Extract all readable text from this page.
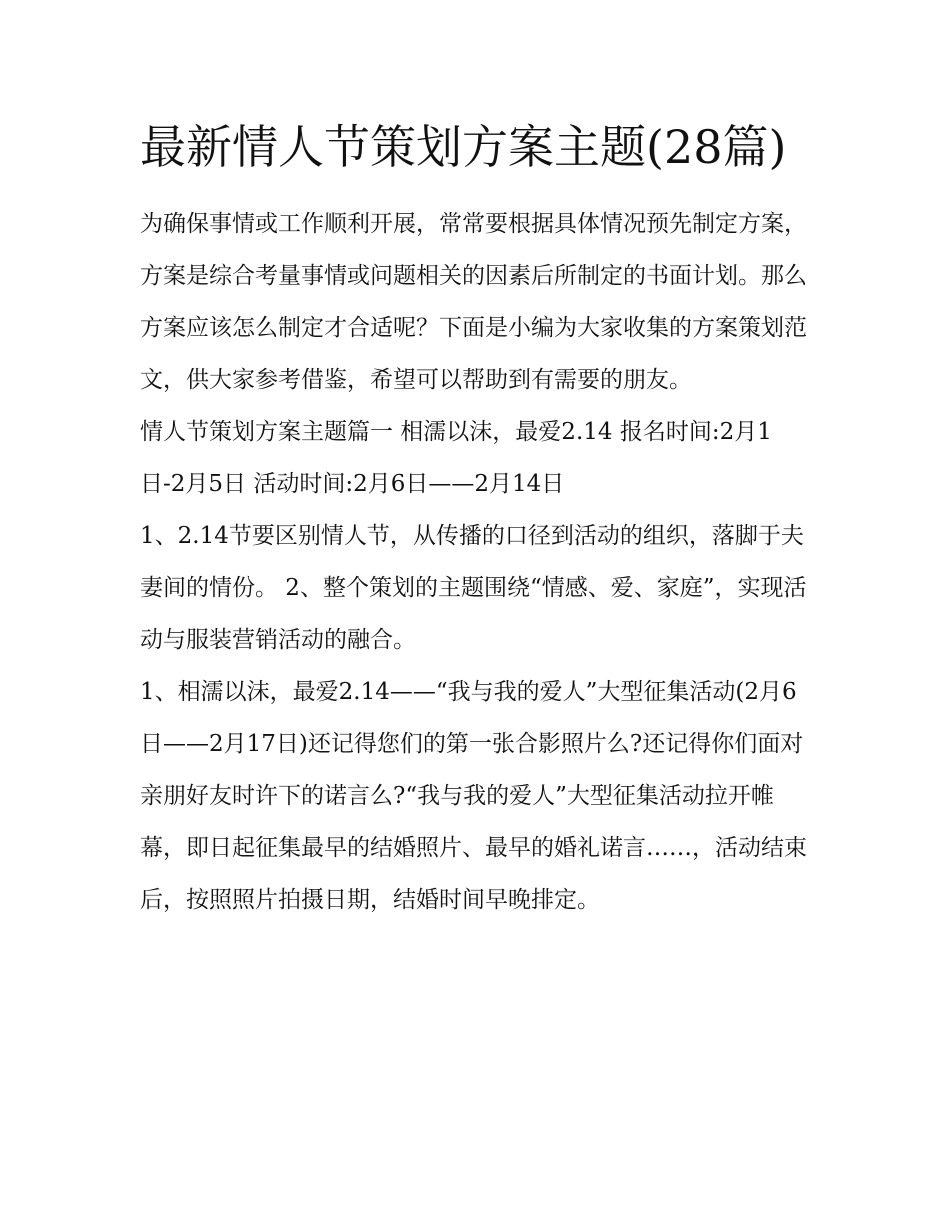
最新情人节策划方案主题(28篇)

为确保事情或工作顺利开展，常常要根据具体情况预先制定方案，方案是综合考量事情或问题相关的因素后所制定的书面计划。那么方案应该怎么制定才合适呢？下面是小编为大家收集的方案策划范文，供大家参考借鉴，希望可以帮助到有需要的朋友。

情人节策划方案主题篇一 相濡以沫，最爱2.14 报名时间:2月1日-2月5日 活动时间:2月6日——2月14日

1、2.14节要区别情人节，从传播的口径到活动的组织，落脚于夫妻间的情份。 2、整个策划的主题围绕“情感、爱、家庭”，实现活动与服装营销活动的融合。

1、相濡以沫，最爱2.14——“我与我的爱人”大型征集活动(2月6日——2月17日)还记得您们的第一张合影照片么?还记得你们面对亲朋好友时许下的诺言么?“我与我的爱人”大型征集活动拉开帷幕，即日起征集最早的结婚照片、最早的婚礼诺言……，活动结束后，按照照片拍摄日期，结婚时间早晚排定。
